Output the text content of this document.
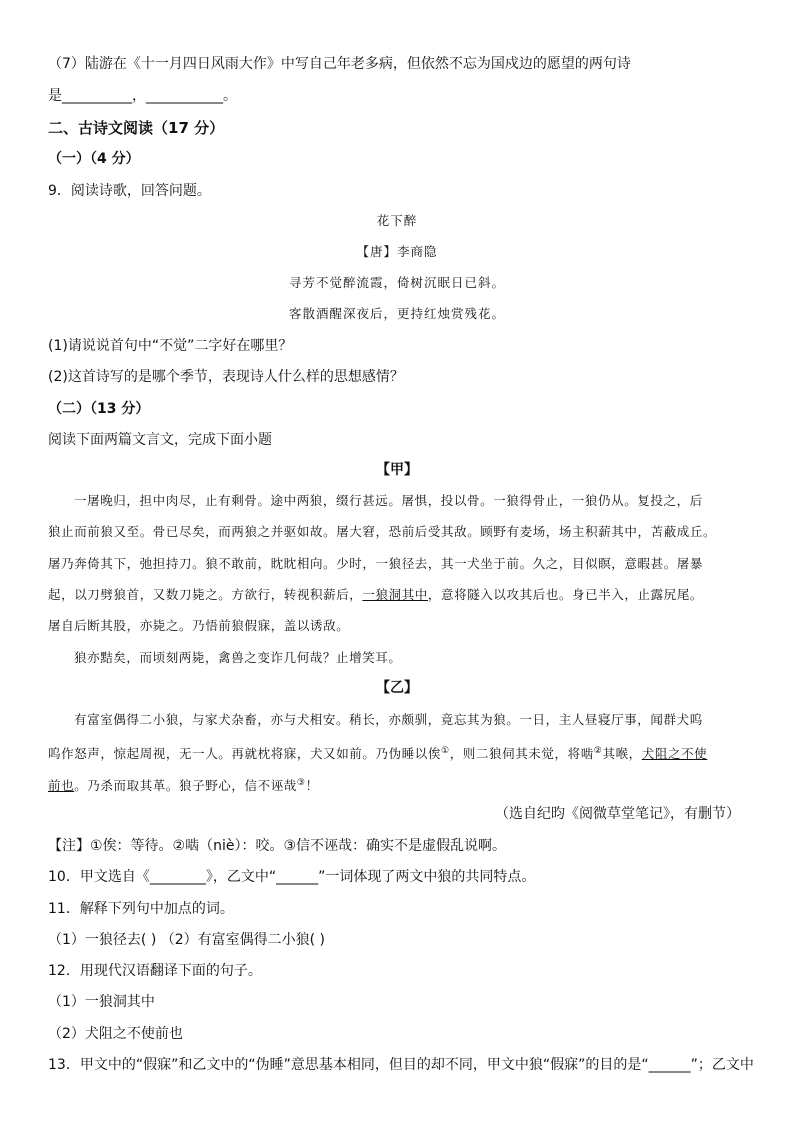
（7）陆游在《十一月四日风雨大作》中写自己年老多病，但依然不忘为国戍边的愿望的两句诗
是__________，___________。
二、古诗文阅读（17 分）
（一）（4 分）
9．阅读诗歌，回答问题。
花下醉
【唐】李商隐
寻芳不觉醉流霞，倚树沉眠日已斜。
客散酒醒深夜后，更持红烛赏残花。
(1)请说说首句中“不觉”二字好在哪里？
(2)这首诗写的是哪个季节，表现诗人什么样的思想感情？
（二）（13 分）
阅读下面两篇文言文，完成下面小题
【甲】
一屠晚归，担中肉尽，止有剩骨。途中两狼，缀行甚远。屠惧，投以骨。一狼得骨止，一狼仍从。复投之，后
狼止而前狼又至。骨已尽矣，而两狼之并驱如故。屠大窘，恐前后受其敌。顾野有麦场，场主积薪其中，苫蔽成丘。
屠乃奔倚其下，弛担持刀。狼不敢前，眈眈相向。少时，一狼径去，其一犬坐于前。久之，目似瞑，意暇甚。屠暴
起，以刀劈狼首，又数刀毙之。方欲行，转视积薪后，一狼洞其中，意将隧入以攻其后也。身已半入，止露尻尾。
屠自后断其股，亦毙之。乃悟前狼假寐，盖以诱敌。
狼亦黠矣，而顷刻两毙，禽兽之变诈几何哉？止增笑耳。
【乙】
有富室偶得二小狼，与家犬杂畜，亦与犬相安。稍长，亦颇驯，竟忘其为狼。一日，主人昼寝厅事，闻群犬呜
呜作怒声，惊起周视，无一人。再就枕将寐，犬又如前。乃伪睡以俟①，则二狼伺其未觉，将啮②其喉，犬阻之不使
前也。乃杀而取其革。狼子野心，信不诬哉③！
（选自纪昀《阅微草堂笔记》，有删节）
【注】①俟：等待。②啮（niè）：咬。③信不诬哉：确实不是虚假乱说啊。
10．甲文选自《________》，乙文中“______”一词体现了两文中狼的共同特点。
11．解释下列句中加点的词。
（1）一狼径去( ) （2）有富室偶得二小狼( )
12．用现代汉语翻译下面的句子。
（1）一狼洞其中
（2）犬阻之不使前也
13．甲文中的“假寐”和乙文中的“伪睡”意思基本相同，但目的却不同，甲文中狼“假寐”的目的是“______”；乙文中
